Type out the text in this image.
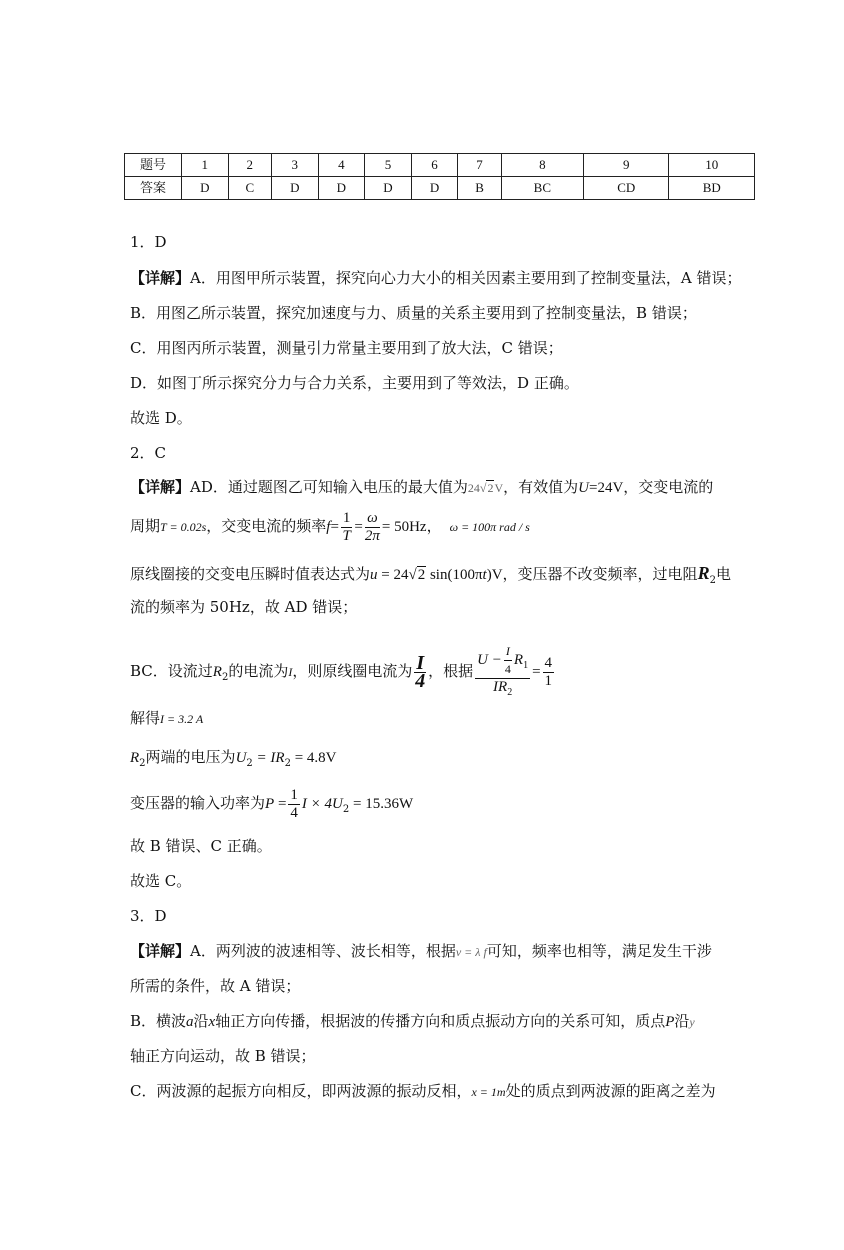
题号	1	2	3	4	5	6	7	8	9	10
答案	D	C	D	D	D	D	B	BC	CD	BD
1．D
【详解】A．用图甲所示装置，探究向心力大小的相关因素主要用到了控制变量法，A 错误；
B．用图乙所示装置，探究加速度与力、质量的关系主要用到了控制变量法，B 错误；
C．用图丙所示装置，测量引力常量主要用到了放大法，C 错误；
D．如图丁所示探究分力与合力关系，主要用到了等效法，D 正确。
故选 D。
2．C
【详解】AD．通过题图乙可知输入电压的最大值为24√2V，有效值为U=24V，交变电流的
周期T = 0.02s，交变电流的频率$f= \frac{1}{T} = \frac{\omega}{2\pi} = 50Hz$， ω = 100π rad / s
原线圈接的交变电压瞬时值表达式为u = 24√2 sin(100πt)V，变压器不改变频率，过电阻$R_2$电
流的频率为 50Hz，故 AD 错误；
BC．设流过$R_2$的电流为I，则原线圈电流为 $\frac{I}{4}$ ，根据 $\frac{U - \frac{I}{4} R_1}{IR_2} = \frac{4}{1}$
解得I = 3.2 A
$R_2$两端的电压为$U_2 = IR_2 = 4.8V$
变压器的输入功率为$P = \frac{1}{4}$ $I \times 4U_2 = 15.36W$
故 B 错误、C 正确。
故选 C。
3．D
【详解】A．两列波的波速相等、波长相等，根据v = λ f可知，频率也相等，满足发生干涉
所需的条件，故 A 错误；
B．横波a沿x轴正方向传播，根据波的传播方向和质点振动方向的关系可知，质点P沿y
轴正方向运动，故 B 错误；
C．两波源的起振方向相反，即两波源的振动反相，x = 1m处的质点到两波源的距离之差为
